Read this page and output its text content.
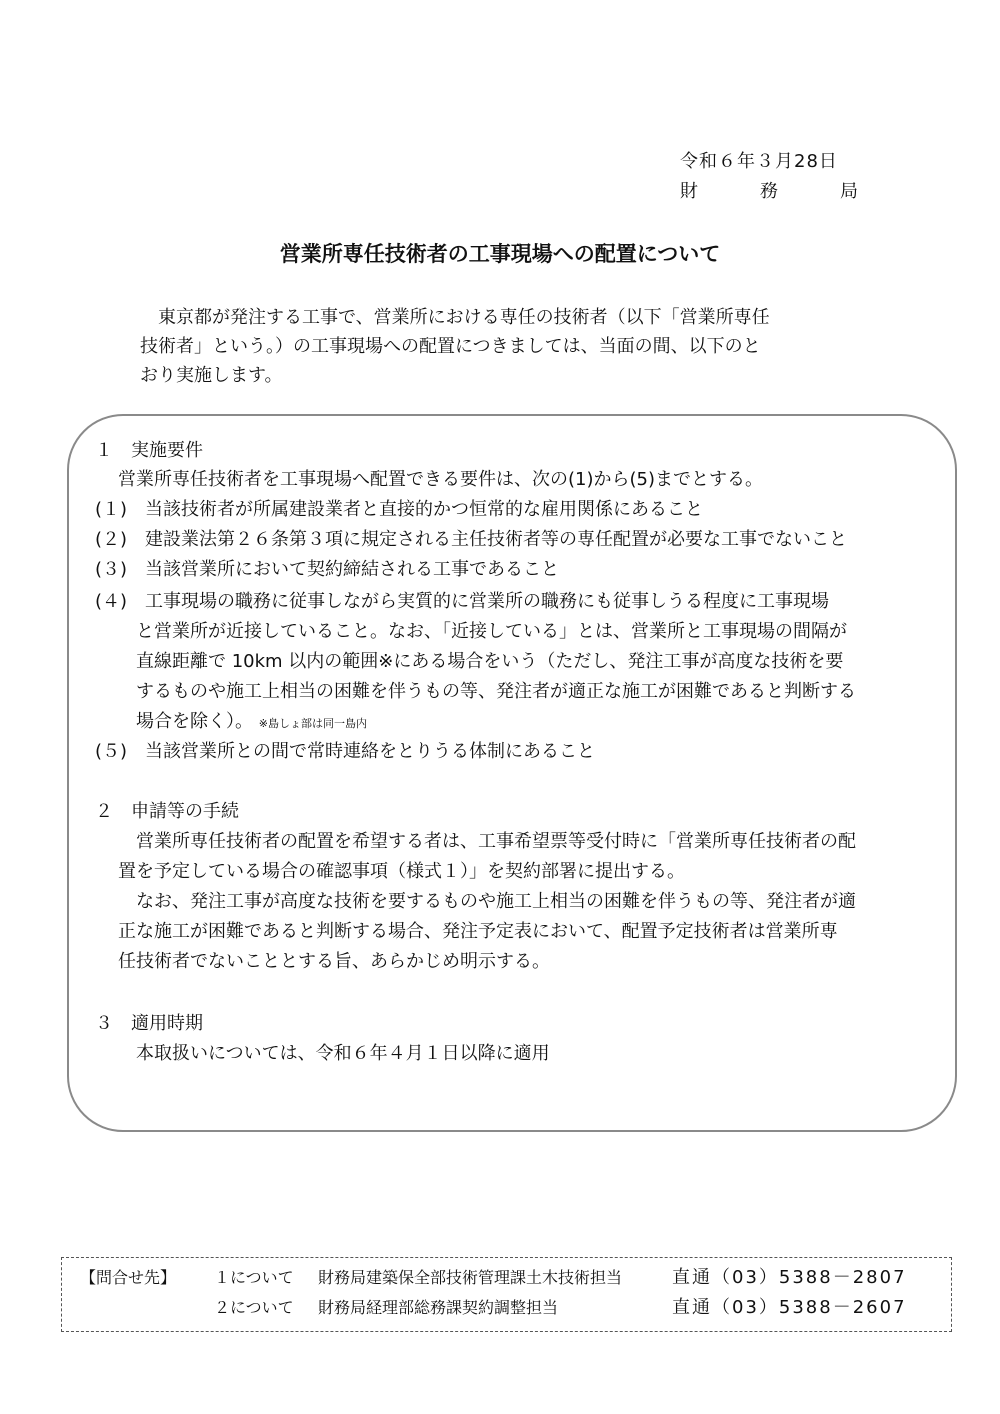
令和６年３月28日
財	務	局
営業所専任技術者の工事現場への配置について
　東京都が発注する工事で、営業所における専任の技術者（以下「営業所専任
技術者」という。）の工事現場への配置につきましては、当面の間、以下のと
おり実施します。
１　実施要件
営業所専任技術者を工事現場へ配置できる要件は、次の(1)から(5)までとする。
(１)　当該技術者が所属建設業者と直接的かつ恒常的な雇用関係にあること
(２)　建設業法第２６条第３項に規定される主任技術者等の専任配置が必要な工事でないこと
(３)　当該営業所において契約締結される工事であること
(４)　工事現場の職務に従事しながら実質的に営業所の職務にも従事しうる程度に工事現場
と営業所が近接していること。なお、「近接している」とは、営業所と工事現場の間隔が
直線距離で 10km 以内の範囲※にある場合をいう（ただし、発注工事が高度な技術を要
するものや施工上相当の困難を伴うもの等、発注者が適正な施工が困難であると判断する
場合を除く）。 ※島しょ部は同一島内
(５)　当該営業所との間で常時連絡をとりうる体制にあること
２　申請等の手続
　営業所専任技術者の配置を希望する者は、工事希望票等受付時に「営業所専任技術者の配
置を予定している場合の確認事項（様式１）」を契約部署に提出する。
　なお、発注工事が高度な技術を要するものや施工上相当の困難を伴うもの等、発注者が適
正な施工が困難であると判断する場合、発注予定表において、配置予定技術者は営業所専
任技術者でないこととする旨、あらかじめ明示する。
３　適用時期
本取扱いについては、令和６年４月１日以降に適用
【問合せ先】 １について 財務局建築保全部技術管理課土木技術担当	直通（03）5388－2807
２について 財務局経理部総務課契約調整担当	直通（03）5388－2607
